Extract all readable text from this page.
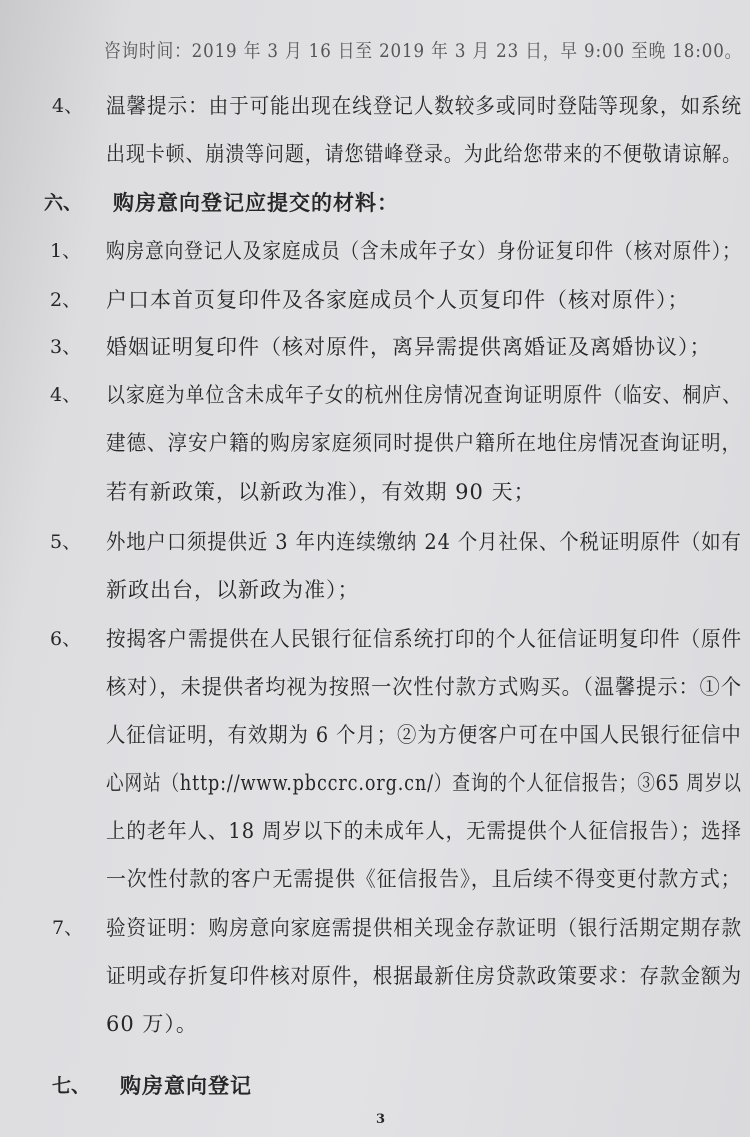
咨询时间：2019 年 3 月 16 日至 2019 年 3 月 23 日，早 9:00 至晚 18:00。
4、 温馨提示：由于可能出现在线登记人数较多或同时登陆等现象，如系统
出现卡顿、崩溃等问题，请您错峰登录。为此给您带来的不便敬请谅解。
六、 购房意向登记应提交的材料：
1、 购房意向登记人及家庭成员（含未成年子女）身份证复印件（核对原件）；
2、 户口本首页复印件及各家庭成员个人页复印件（核对原件）；
3、 婚姻证明复印件（核对原件，离异需提供离婚证及离婚协议）；
4、 以家庭为单位含未成年子女的杭州住房情况查询证明原件（临安、桐庐、
建德、淳安户籍的购房家庭须同时提供户籍所在地住房情况查询证明，
若有新政策，以新政为准），有效期 90 天；
5、 外地户口须提供近 3 年内连续缴纳 24 个月社保、个税证明原件（如有
新政出台，以新政为准）；
6、 按揭客户需提供在人民银行征信系统打印的个人征信证明复印件（原件
核对），未提供者均视为按照一次性付款方式购买。（温馨提示：①个
人征信证明，有效期为 6 个月；②为方便客户可在中国人民银行征信中
心网站（http://www.pbccrc.org.cn/）查询的个人征信报告；③65 周岁以
上的老年人、18 周岁以下的未成年人，无需提供个人征信报告）；选择
一次性付款的客户无需提供《征信报告》，且后续不得变更付款方式；
7、 验资证明：购房意向家庭需提供相关现金存款证明（银行活期定期存款
证明或存折复印件核对原件，根据最新住房贷款政策要求：存款金额为
60 万）。
七、 购房意向登记
3
